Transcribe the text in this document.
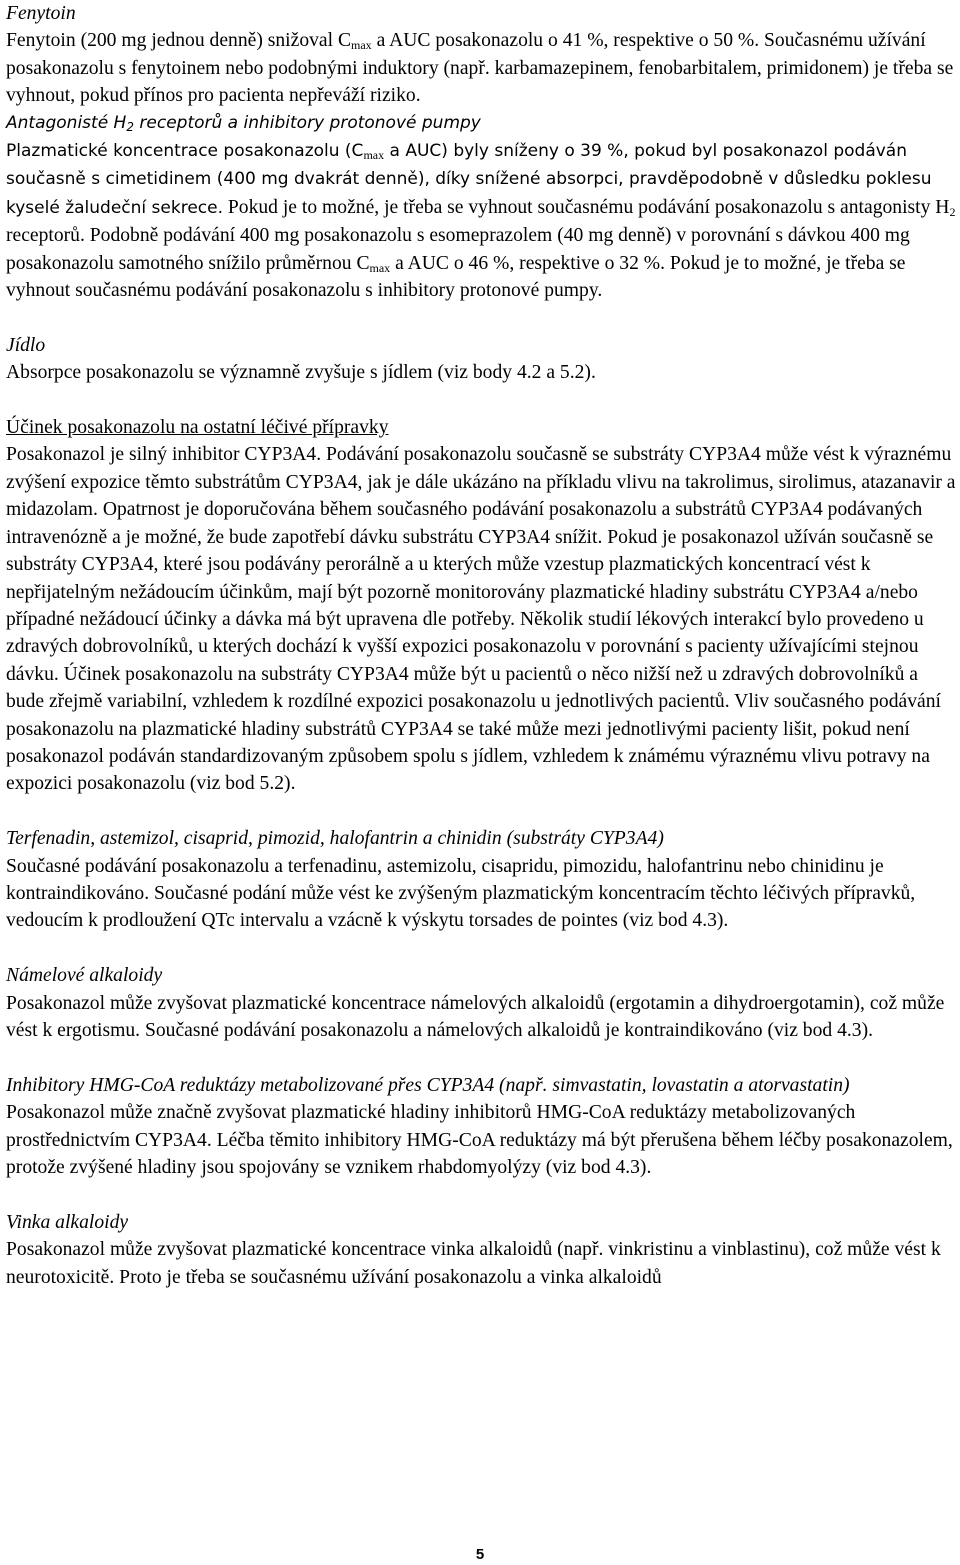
Fenytoin

Fenytoin (200 mg jednou denně) snižoval $C_{max}$ a AUC posakonazolu o 41 %, respektive o 50 %. Současnému užívání posakonazolu s fenytoinem nebo podobnými induktory (např. karbamazepinem, fenobarbitalem, primidonem) je třeba se vyhnout, pokud přínos pro pacienta nepřeváží riziko.

Antagonisté $H_2$ receptorů a inhibitory protonové pumpy

Plazmatické koncentrace posakonazolu ($C_{max}$ a AUC) byly sníženy o 39 %, pokud byl posakonazol podáván současně s cimetidinem (400 mg dvakrát denně), díky snížené absorpci, pravděpodobně v důsledku poklesu kyselé žaludeční sekrece. Pokud je to možné, je třeba se vyhnout současnému podávání posakonazolu s antagonisty $H_2$ receptorů. Podobně podávání 400 mg posakonazolu s esomeprazolem (40 mg denně) v porovnání s dávkou 400 mg posakonazolu samotného snížilo průměrnou $C_{max}$ a AUC o 46 %, respektive o 32 %. Pokud je to možné, je třeba se vyhnout současnému podávání posakonazolu s inhibitory protonové pumpy.

Jídlo

Absorpce posakonazolu se významně zvyšuje s jídlem (viz body 4.2 a 5.2).

Účinek posakonazolu na ostatní léčivé přípravky

Posakonazol je silný inhibitor CYP3A4. Podávání posakonazolu současně se substráty CYP3A4 může vést k výraznému zvýšení expozice těmto substrátům CYP3A4, jak je dále ukázáno na příkladu vlivu na takrolimus, sirolimus, atazanavir a midazolam. Opatrnost je doporučována během současného podávání posakonazolu a substrátů CYP3A4 podávaných intravenózně a je možné, že bude zapotřebí dávku substrátu CYP3A4 snížit. Pokud je posakonazol užíván současně se substráty CYP3A4, které jsou podávány perorálně a u kterých může vzestup plazmatických koncentrací vést k nepřijatelným nežádoucím účinkům, mají být pozorně monitorovány plazmatické hladiny substrátu CYP3A4 a/nebo případné nežádoucí účinky a dávka má být upravena dle potřeby. Několik studií lékových interakcí bylo provedeno u zdravých dobrovolníků, u kterých dochází k vyšší expozici posakonazolu v porovnání s pacienty užívajícími stejnou dávku. Účinek posakonazolu na substráty CYP3A4 může být u pacientů o něco nižší než u zdravých dobrovolníků a bude zřejmě variabilní, vzhledem k rozdílné expozici posakonazolu u jednotlivých pacientů. Vliv současného podávání posakonazolu na plazmatické hladiny substrátů CYP3A4 se také může mezi jednotlivými pacienty lišit, pokud není posakonazol podáván standardizovaným způsobem spolu s jídlem, vzhledem k známému výraznému vlivu potravy na expozici posakonazolu (viz bod 5.2).

Terfenadin, astemizol, cisaprid, pimozid, halofantrin a chinidin (substráty CYP3A4)

Současné podávání posakonazolu a terfenadinu, astemizolu, cisapridu, pimozidu, halofantrinu nebo chinidinu je kontraindikováno. Současné podání může vést ke zvýšeným plazmatickým koncentracím těchto léčivých přípravků, vedoucím k prodloužení QTc intervalu a vzácně k výskytu torsades de pointes (viz bod 4.3).

Námelové alkaloidy

Posakonazol může zvyšovat plazmatické koncentrace námelových alkaloidů (ergotamin a dihydroergotamin), což může vést k ergotismu. Současné podávání posakonazolu a námelových alkaloidů je kontraindikováno (viz bod 4.3).

Inhibitory HMG-CoA reduktázy metabolizované přes CYP3A4 (např. simvastatin, lovastatin a atorvastatin)

Posakonazol může značně zvyšovat plazmatické hladiny inhibitorů HMG-CoA reduktázy metabolizovaných prostřednictvím CYP3A4. Léčba těmito inhibitory HMG-CoA reduktázy má být přerušena během léčby posakonazolem, protože zvýšené hladiny jsou spojovány se vznikem rhabdomyolýzy (viz bod 4.3).

Vinka alkaloidy

Posakonazol může zvyšovat plazmatické koncentrace vinka alkaloidů (např. vinkristinu a vinblastinu), což může vést k neurotoxicitě. Proto je třeba se současnému užívání posakonazolu a vinka alkaloidů

5
